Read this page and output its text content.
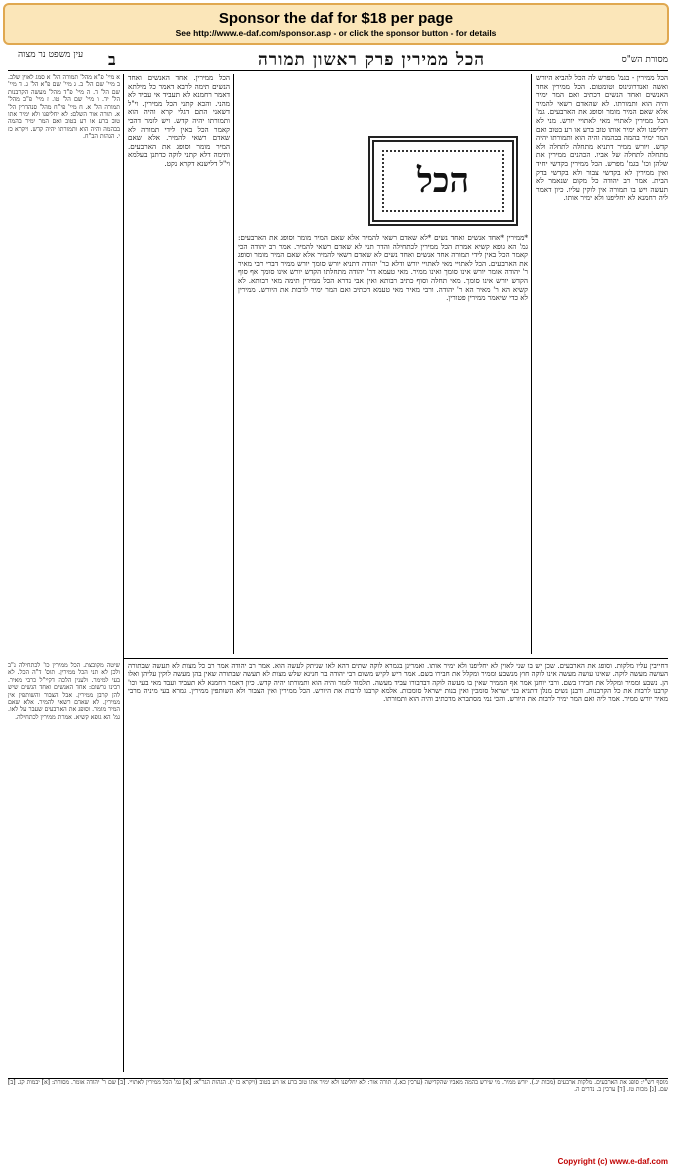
Sponsor the daf for $18 per page
See http://www.e-daf.com/sponsor.asp - or click the sponsor button - for details
מסורת הש"ס
הכל ממירין פרק ראשון תמורה
ב
עין משפט נר מצוה
הכל ממירין - בגמ' מפרש לה הכל להביא היורש ואשה ואנדרוגינוס וטומטום. הכל ממירין אחד האנשים ואחד הנשים דכתיב ואם המר ימיר והיה הוא ותמורתו. לא שהאדם רשאי להמיר אלא שאם המיר מומר וסופג את הארבעים. גמ' הכל ממירין לאתויי מאי לאתויי יורש. מני לא יחליפנו ולא ימיר אותו טוב ברע או רע בטוב ואם המר ימיר בהמה בבהמה והיה הוא ותמורתו יהיה קדש. ויורש ממיר דתניא מתחלה לתחלה ולא מתחלה לתחלה של אביו. הכהנים ממירין את שלהן וכו' בגמ' מפרש. הכל ממירין בקדשי יחיד ואין ממירין לא בקדשי צבור ולא בקדשי בדק הבית. אמר רב יהודה כל מקום שנאמר לא תעשה ויש בו תמורה אין לוקין עליו. כיון דאמר ליה רחמנא לא יחליפנו ולא ימיר אותו.
*ממירין *אחד אנשים ואחד נשים *לא שאדם רשאי להמיר אלא שאם המיר מומר וסופג את הארבעים: גמ' הא גופא קשיא אמרת הכל ממירין לכתחילה והדר תני לא שאדם רשאי להמיר. אמר רב יהודה הכי קאמר הכל באין לידי תמורה אחד אנשים ואחד נשים לא שאדם רשאי להמיר אלא שאם המיר מומר וסופג את הארבעים. הכל לאתויי מאי לאתויי יורש ודלא כר' יהודה דתניא יורש סומך יורש ממיר דברי רבי מאיר ר' יהודה אומר יורש אינו סומך ואינו ממיר. מאי טעמא דר' יהודה מתחלתו הקדש יורש אינו סומך אף סוף הקדש יורש אינו סומך. מאי תחלה וסוף כתיב רבותא ואין אבי נדרא הכל ממירין תימה מאי רבותא. לא קשיא הא ר' מאיר הא ר' יהודה. ורבי מאיר מאי טעמא דכתיב ואם המר ימיר לרבות את היורש. ממירין לא כדי שיאמר ממירין פטורין.
הכל
הכל ממירין. אחד האנשים ואחד הנשים תימה לרבא דאמר כל מילתא דאמר רחמנא לא תעביד אי עביד לא מהני. והכא קתני הכל ממירין. וי"ל דשאני התם דגלי קרא והיה הוא ותמורתו יהיה קדש. ויש לומר דהכי קאמר הכל באין לידי תמורה לא שאדם רשאי להמיר. אלא שאם המיר מומר וסופג את הארבעים. ותימה דלא קתני לוקה כדתנן בעלמא וי"ל דלישנא דקרא נקט.
א מיי' פ"א מהל' תמורה הל' א סמג לאוין שלב. ב מיי' שם הל' ב. ג מיי' שם פ"א הל' ג. ד מיי' שם הל' ד. ה מיי' פ"ד מהל' מעשה הקרבנות הל' יד. ו מיי' שם הל' טו. ז מיי' פ"ב מהל' תמורה הל' א. ח מיי' פי"ח מהל' סנהדרין הל' א. תורה אור השלם: לא יחליפנו ולא ימיר אתו טוב ברע או רע בטוב ואם המר ימיר בהמה בבהמה והיה הוא ותמורתו יהיה קדש. ויקרא כז י. הגהות הב"ח.
דחייבין עליו מלקות. וסופג את הארבעים. שכן יש בו שני לאוין לא יחליפנו ולא ימיר אותו. ואמרינן בגמרא לוקה שתים דהא לאו שניתק לעשה הוא. אמר רב יהודה אמר רב כל מצות לא תעשה שבתורה העושה מעשה לוקה. שאינו עושה מעשה אינו לוקה חוץ מנשבע וממיר ומקלל את חבירו בשם. אמר ריש לקיש משום רבי יהודה בר חנינא שלש מצות לא תעשה שבתורה שאין בהן מעשה לוקין עליהן ואלו הן. נשבע וממיר ומקלל את חבירו בשם. ורבי יוחנן אמר אף הממיר שאין בו מעשה לוקה דבדבורו עביד מעשה. תלמוד לומר והיה הוא ותמורתו יהיה קדש. כיון דאמר רחמנא לא תעביד ועבד מאי בעי וכו' קרבנו לרבות את כל הקרבנות. ורבנן נשים מנלן דתניא בני ישראל סומכין ואין בנות ישראל סומכות. אלמא קרבנו לרבות את היורש. הכל ממירין ואין הצבור ולא השותפין ממירין. גמרא בעי מיניה מרבי מאיר יורש ממיר. אמר ליה ואם המר ימיר לרבות את היורש. והכי נמי מסתברא מדכתיב והיה הוא ותמורתו.
שיטה מקובצת. הכל ממירין כו' לכתחילה נ"ב ולכן לא תני הכל ממירין. תוס' ד"ה הכל. לא בעי למימר. ולענין הלכה דקיי"ל כרבי מאיר. רבינו גרשום: אחד האנשים ואחד הנשים שיש להן קרבן ממירין. אבל הצבור והשותפין אין ממירין. לא שאדם רשאי להמיר. אלא שאם המיר מומר. וסופג את הארבעים שעבר על לאו. גמ' הא גופא קשיא. אמרת ממירין לכתחילה.
מוסף רש"י: סופג את הארבעים. מלקות ארבעים (מכות יג.). יורש ממיר. מי שירש בהמה מאביו שהקדישה (ערכין כא.). תורה אור: לא יחליפנו ולא ימיר אתו טוב ברע או רע בטוב (ויקרא כז י). הגהות הגר"א: [א] גמ' הכל ממירין לאתויי. [ב] שם ר' יהודה אומר. מסורת: [א] יבמות קג. [ב] שם. [ג] מכות טז. [ד] ערכין ב. נדרים ה.
Copyright (c) www.e-daf.com
